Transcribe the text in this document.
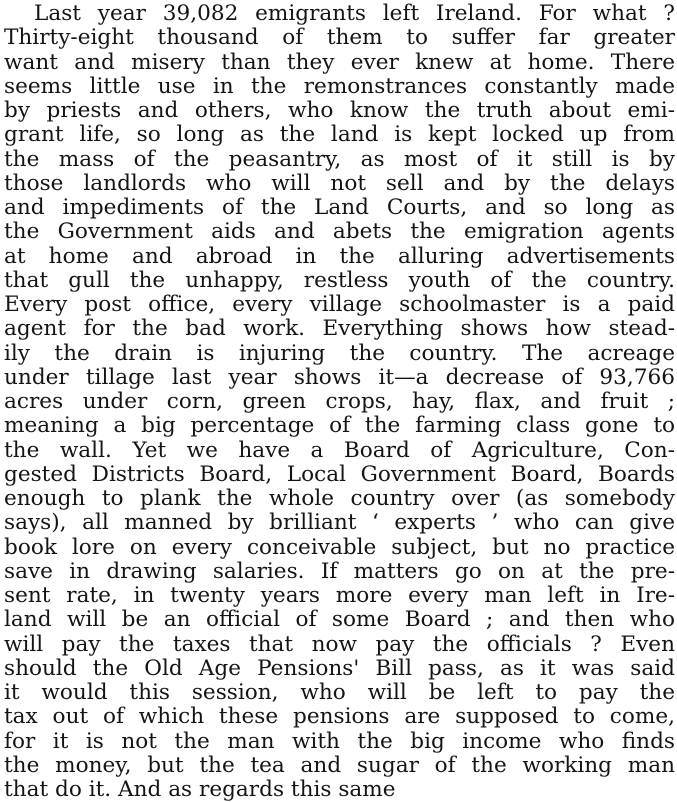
Last year 39,082 emigrants left Ireland. For what ?
Thirty-eight thousand of them to suffer far greater
want and misery than they ever knew at home. There
seems little use in the remonstrances constantly made
by priests and others, who know the truth about emi-
grant life, so long as the land is kept locked up from
the mass of the peasantry, as most of it still is by
those landlords who will not sell and by the delays
and impediments of the Land Courts, and so long as
the Government aids and abets the emigration agents
at home and abroad in the alluring advertisements
that gull the unhappy, restless youth of the country.
Every post office, every village schoolmaster is a paid
agent for the bad work. Everything shows how stead-
ily the drain is injuring the country. The acreage
under tillage last year shows it—a decrease of 93,766
acres under corn, green crops, hay, flax, and fruit ;
meaning a big percentage of the farming class gone to
the wall. Yet we have a Board of Agriculture, Con-
gested Districts Board, Local Government Board, Boards
enough to plank the whole country over (as somebody
says), all manned by brilliant ‘ experts ’ who can give
book lore on every conceivable subject, but no practice
save in drawing salaries. If matters go on at the pre-
sent rate, in twenty years more every man left in Ire-
land will be an official of some Board ; and then who
will pay the taxes that now pay the officials ? Even
should the Old Age Pensions' Bill pass, as it was said
it would this session, who will be left to pay the
tax out of which these pensions are supposed to come,
for it is not the man with the big income who finds
the money, but the tea and sugar of the working man
that do it. And as regards this same
